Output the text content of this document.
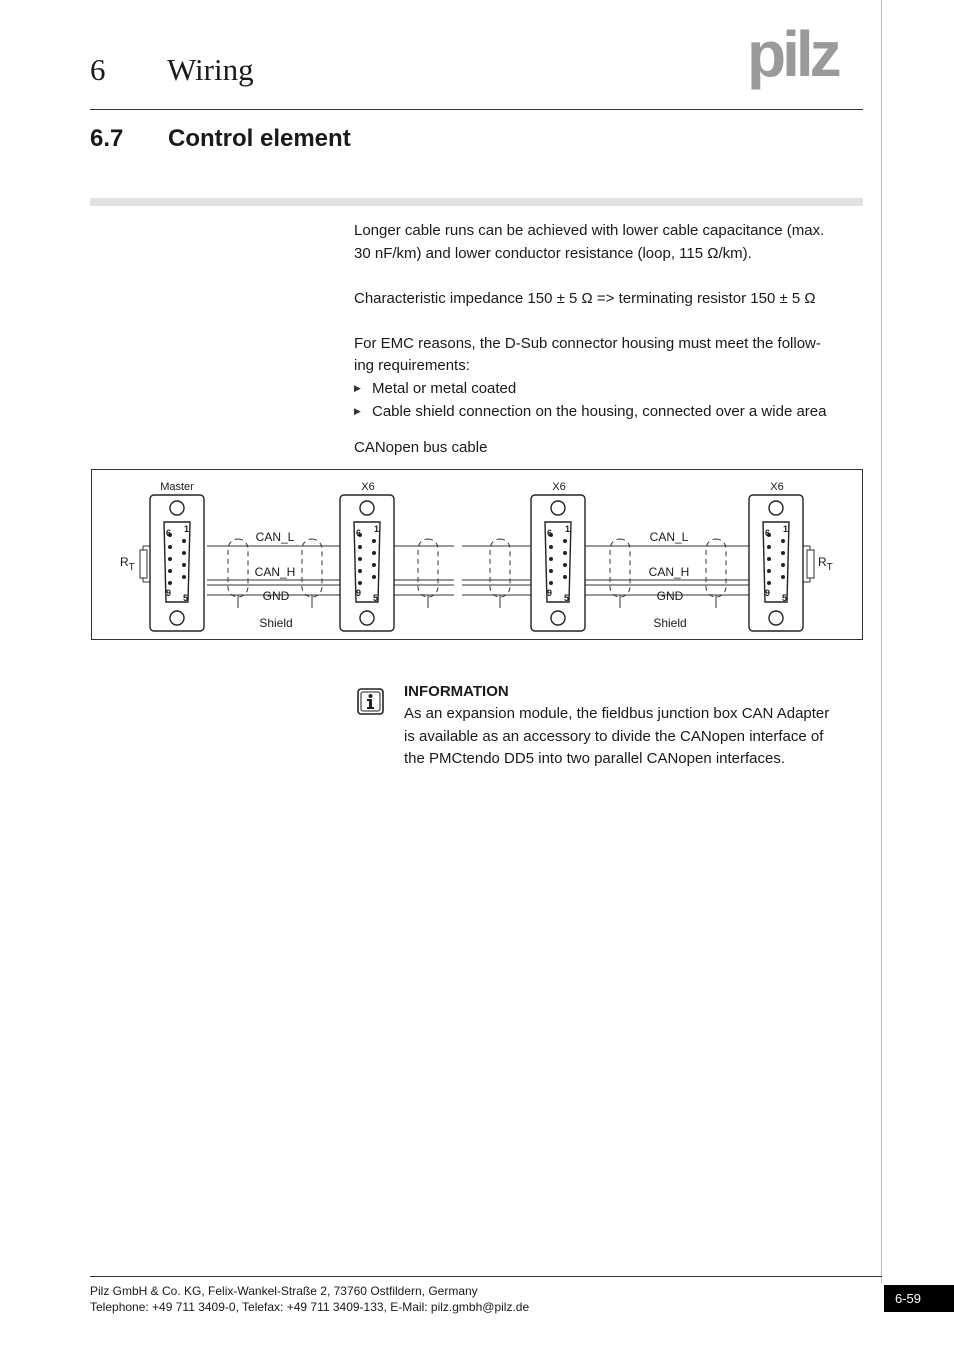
6 Wiring	pilz
6.7 Control element
Longer cable runs can be achieved with lower cable capacitance (max.
30 nF/km) and lower conductor resistance (loop, 115 Ω/km).
Characteristic impedance 150 ± 5 Ω => terminating resistor 150 ± 5 Ω
For EMC reasons, the D-Sub connector housing must meet the follow-
ing requirements:
▶ Metal or metal coated
▶ Cable shield connection on the housing, connected over a wide area
CANopen bus cable
Master	X6	X6	X6
6 1
9 5
6 1
9 5
6 1
9 5
6 1
9 5
$R_T$	$R_T$
CAN_L
CAN_H
GND
Shield
CAN_L
CAN_H
GND
Shield
INFORMATION
As an expansion module, the fieldbus junction box CAN Adapter
is available as an accessory to divide the CANopen interface of
the PMCtendo DD5 into two parallel CANopen interfaces.
Pilz GmbH & Co. KG, Felix-Wankel-Straße 2, 73760 Ostfildern, Germany
Telephone: +49 711 3409-0, Telefax: +49 711 3409-133, E-Mail: pilz.gmbh@pilz.de
6-59
